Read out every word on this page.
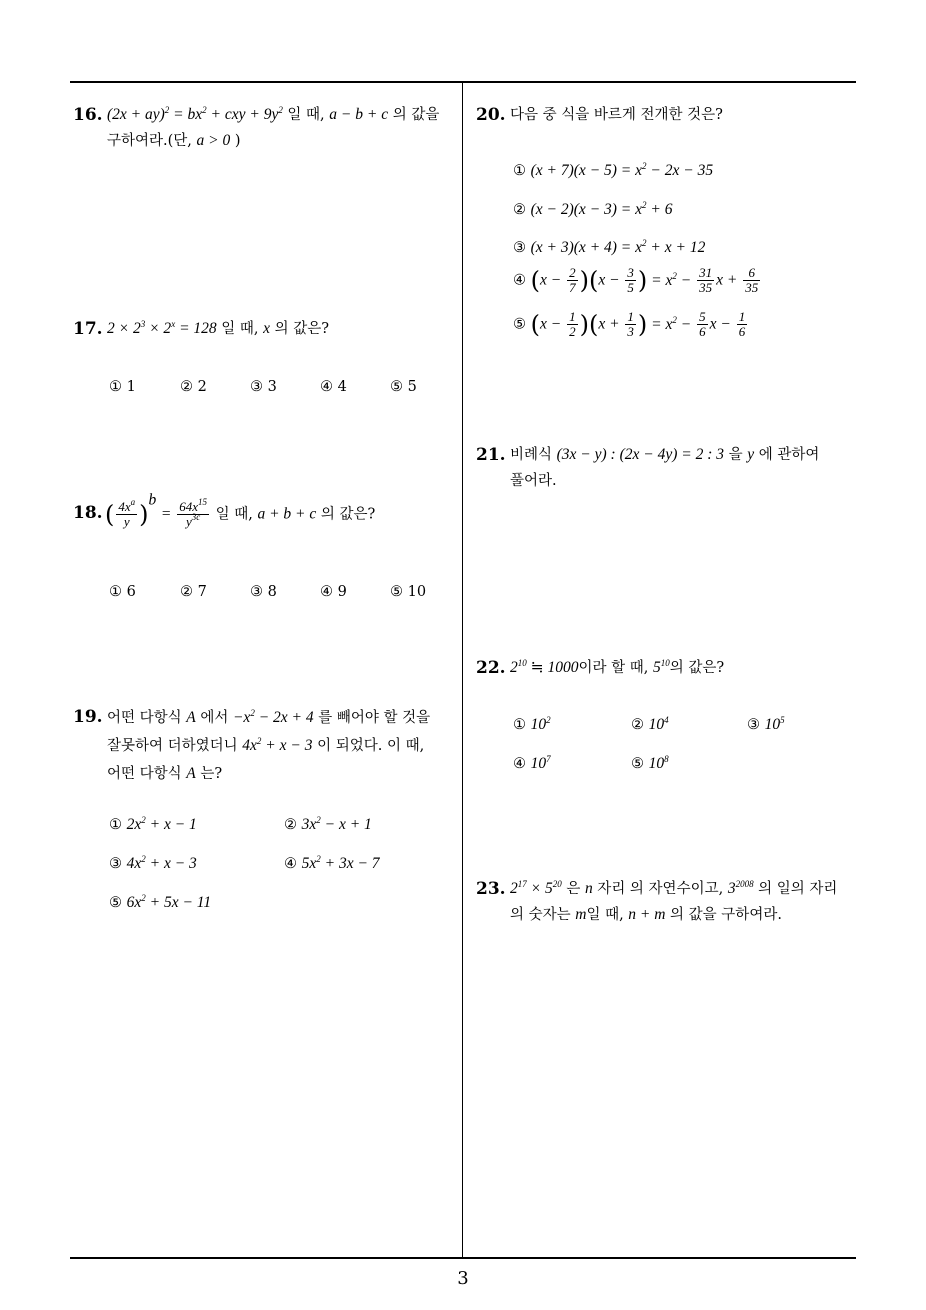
3
16. $(2x + ay)^2 = bx^2$ + cxy + $9y^2$ 일 때, a − b + c 의 값을
구하여라.(단, a > 0 )
17. $2 \times 2^3 \times 2^x = 128$ 일 때, x 의 값은?
① 1	② 2	③ 3	④ 4	⑤ 5
18. ( $\frac{4x^a}{y} )^b = \frac{64x^{15}}{y^{3c}}$ 일 때, a + b + c 의 값은?
① 6	② 7	③ 8	④ 9	⑤ 10
19. 어떤 다항식 A 에서 $-x^2 - 2x + 4$ 를 빼어야 할 것을
잘못하여 더하였더니 $4x^2 + x - 3$ 이 되었다. 이 때,
어떤 다항식 A 는?
① $2x^2 + x - 1$	② $3x^2 - x + 1$
③ $4x^2 + x - 3$	④ $5x^2 + 3x - 7$
⑤ $6x^2 + 5x - 11$
20. 다음 중 식을 바르게 전개한 것은?
① $(x + 7)(x - 5) = x^2 - 2x - 35$
② $(x - 2)(x - 3) = x^2 + 6$
③ $(x + 3)(x + 4) = x^2 + x + 12$
④ $(x - \frac{2}{7} )(x - \frac{3}{5}$ ) = $x^2 - \frac{31}{35}$ $x + \frac{6}{35}$
⑤ $(x - \frac{1}{2} )(x + \frac{1}{3}$ ) = $x^2 - \frac{5}{6}$ $x - \frac{1}{6}$
21. 비례식 (3x − y) : (2x − 4y) = 2 : 3 을 y 에 관하여
풀어라.
22. $2^{10}$ ≒ 1000이라 할 때, $5^{10}$의 값은?
① $10^2$	② $10^4$	③ $10^5$
④ $10^7$	⑤ $10^8$
23. $2^{17} \times 5^{20}$ 은 n 자리 의 자연수이고, $3^{2008}$ 의 일의 자리
의 숫자는 m일 때, n + m 의 값을 구하여라.
